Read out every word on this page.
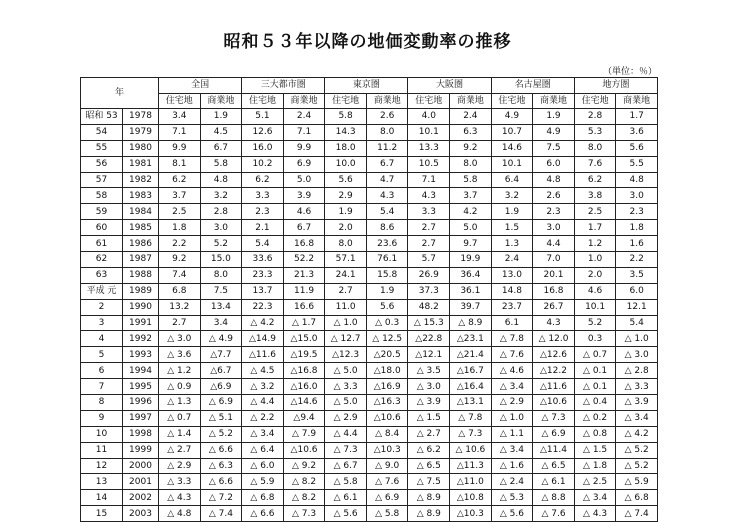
昭和５３年以降の地価変動率の推移
（単位：％）
年		全国		三大都市圏		東京圏		大阪圏		名古屋圏		地方圏	
		住宅地	商業地	住宅地	商業地	住宅地	商業地	住宅地	商業地	住宅地	商業地	住宅地	商業地
昭和 53	1978	3.4	1.9	5.1	2.4	5.8	2.6	4.0	2.4	4.9	1.9	2.8	1.7
54	1979	7.1	4.5	12.6	7.1	14.3	8.0	10.1	6.3	10.7	4.9	5.3	3.6
55	1980	9.9	6.7	16.0	9.9	18.0	11.2	13.3	9.2	14.6	7.5	8.0	5.6
56	1981	8.1	5.8	10.2	6.9	10.0	6.7	10.5	8.0	10.1	6.0	7.6	5.5
57	1982	6.2	4.8	6.2	5.0	5.6	4.7	7.1	5.8	6.4	4.8	6.2	4.8
58	1983	3.7	3.2	3.3	3.9	2.9	4.3	4.3	3.7	3.2	2.6	3.8	3.0
59	1984	2.5	2.8	2.3	4.6	1.9	5.4	3.3	4.2	1.9	2.3	2.5	2.3
60	1985	1.8	3.0	2.1	6.7	2.0	8.6	2.7	5.0	1.5	3.0	1.7	1.8
61	1986	2.2	5.2	5.4	16.8	8.0	23.6	2.7	9.7	1.3	4.4	1.2	1.6
62	1987	9.2	15.0	33.6	52.2	57.1	76.1	5.7	19.9	2.4	7.0	1.0	2.2
63	1988	7.4	8.0	23.3	21.3	24.1	15.8	26.9	36.4	13.0	20.1	2.0	3.5
平成 元	1989	6.8	7.5	13.7	11.9	2.7	1.9	37.3	36.1	14.8	16.8	4.6	6.0
2	1990	13.2	13.4	22.3	16.6	11.0	5.6	48.2	39.7	23.7	26.7	10.1	12.1
3	1991	2.7	3.4	△ 4.2	△ 1.7	△ 1.0	△ 0.3	△ 15.3	△ 8.9	6.1	4.3	5.2	5.4
4	1992	△ 3.0	△ 4.9	△14.9	△15.0	△ 12.7	△ 12.5	△22.8	△23.1	△ 7.8	△ 12.0	0.3	△ 1.0
5	1993	△ 3.6	△7.7	△11.6	△19.5	△12.3	△20.5	△12.1	△21.4	△ 7.6	△12.6	△ 0.7	△ 3.0
6	1994	△ 1.2	△6.7	△ 4.5	△16.8	△ 5.0	△18.0	△ 3.5	△16.7	△ 4.6	△12.2	△ 0.1	△ 2.8
7	1995	△ 0.9	△6.9	△ 3.2	△16.0	△ 3.3	△16.9	△ 3.0	△16.4	△ 3.4	△11.6	△ 0.1	△ 3.3
8	1996	△ 1.3	△ 6.9	△ 4.4	△14.6	△ 5.0	△16.3	△ 3.9	△13.1	△ 2.9	△10.6	△ 0.4	△ 3.9
9	1997	△ 0.7	△ 5.1	△ 2.2	△9.4	△ 2.9	△10.6	△ 1.5	△ 7.8	△ 1.0	△ 7.3	△ 0.2	△ 3.4
10	1998	△ 1.4	△ 5.2	△ 3.4	△ 7.9	△ 4.4	△ 8.4	△ 2.7	△ 7.3	△ 1.1	△ 6.9	△ 0.8	△ 4.2
11	1999	△ 2.7	△ 6.6	△ 6.4	△10.6	△ 7.3	△10.3	△ 6.2	△ 10.6	△ 3.4	△11.4	△ 1.5	△ 5.2
12	2000	△ 2.9	△ 6.3	△ 6.0	△ 9.2	△ 6.7	△ 9.0	△ 6.5	△11.3	△ 1.6	△ 6.5	△ 1.8	△ 5.2
13	2001	△ 3.3	△ 6.6	△ 5.9	△ 8.2	△ 5.8	△ 7.6	△ 7.5	△11.0	△ 2.4	△ 6.1	△ 2.5	△ 5.9
14	2002	△ 4.3	△ 7.2	△ 6.8	△ 8.2	△ 6.1	△ 6.9	△ 8.9	△10.8	△ 5.3	△ 8.8	△ 3.4	△ 6.8
15	2003	△ 4.8	△ 7.4	△ 6.6	△ 7.3	△ 5.6	△ 5.8	△ 8.9	△10.3	△ 5.6	△ 7.6	△ 4.3	△ 7.4
